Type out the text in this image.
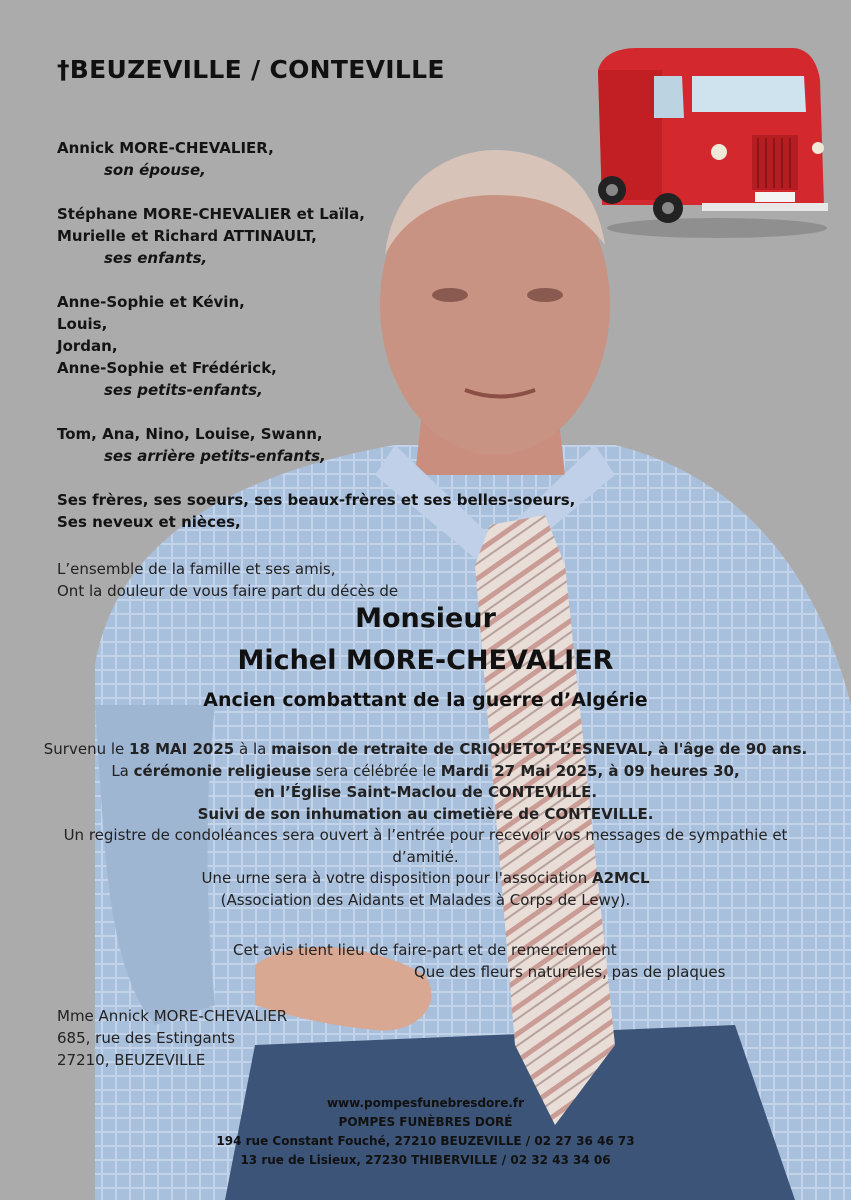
†BEUZEVILLE / CONTEVILLE
Annick MORE-CHEVALIER,
son épouse,
Stéphane MORE-CHEVALIER et Laïla,
Murielle et Richard ATTINAULT,
ses enfants,
Anne-Sophie et Kévin,
Louis,
Jordan,
Anne-Sophie et Frédérick,
ses petits-enfants,
Tom, Ana, Nino, Louise, Swann,
ses arrière petits-enfants,
Ses frères, ses soeurs, ses beaux-frères et ses belles-soeurs,
Ses neveux et nièces,
L’ensemble de la famille et ses amis,
Ont la douleur de vous faire part du décès de
Monsieur
Michel MORE-CHEVALIER
Ancien combattant de la guerre d’Algérie
Survenu le 18 MAI 2025 à la maison de retraite de CRIQUETOT-L’ESNEVAL, à l'âge de 90 ans.
La cérémonie religieuse sera célébrée le Mardi 27 Mai 2025, à 09 heures 30,
en l’Église Saint-Maclou de CONTEVILLE.
Suivi de son inhumation au cimetière de CONTEVILLE.
Un registre de condoléances sera ouvert à l’entrée pour recevoir vos messages de sympathie et
d’amitié.
Une urne sera à votre disposition pour l'association A2MCL
(Association des Aidants et Malades à Corps de Lewy).
Cet avis tient lieu de faire-part et de remerciement
Que des fleurs naturelles, pas de plaques
Mme Annick MORE-CHEVALIER
685, rue des Estingants
27210, BEUZEVILLE
www.pompesfunebresdore.fr
POMPES FUNÈBRES DORÉ
194 rue Constant Fouché, 27210 BEUZEVILLE / 02 27 36 46 73
13 rue de Lisieux, 27230 THIBERVILLE / 02 32 43 34 06
